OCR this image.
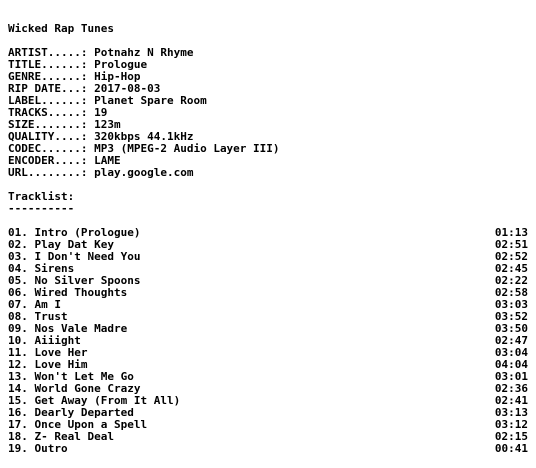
Wicked Rap Tunes
ARTIST.....: Potnahz N Rhyme
TITLE......: Prologue
GENRE......: Hip-Hop
RIP DATE...: 2017-08-03
LABEL......: Planet Spare Room
TRACKS.....: 19
SIZE.......: 123m
QUALITY....: 320kbps 44.1kHz
CODEC......: MP3 (MPEG-2 Audio Layer III)
ENCODER....: LAME
URL........: play.google.com
Tracklist:
----------
01. Intro (Prologue)	01:13
02. Play Dat Key	02:51
03. I Don't Need You	02:52
04. Sirens	02:45
05. No Silver Spoons	02:22
06. Wired Thoughts	02:58
07. Am I	03:03
08. Trust	03:52
09. Nos Vale Madre	03:50
10. Aiiight	02:47
11. Love Her	03:04
12. Love Him	04:04
13. Won't Let Me Go	03:01
14. World Gone Crazy	02:36
15. Get Away (From It All)	02:41
16. Dearly Departed	03:13
17. Once Upon a Spell	03:12
18. Z- Real Deal	02:15
19. Outro	00:41
